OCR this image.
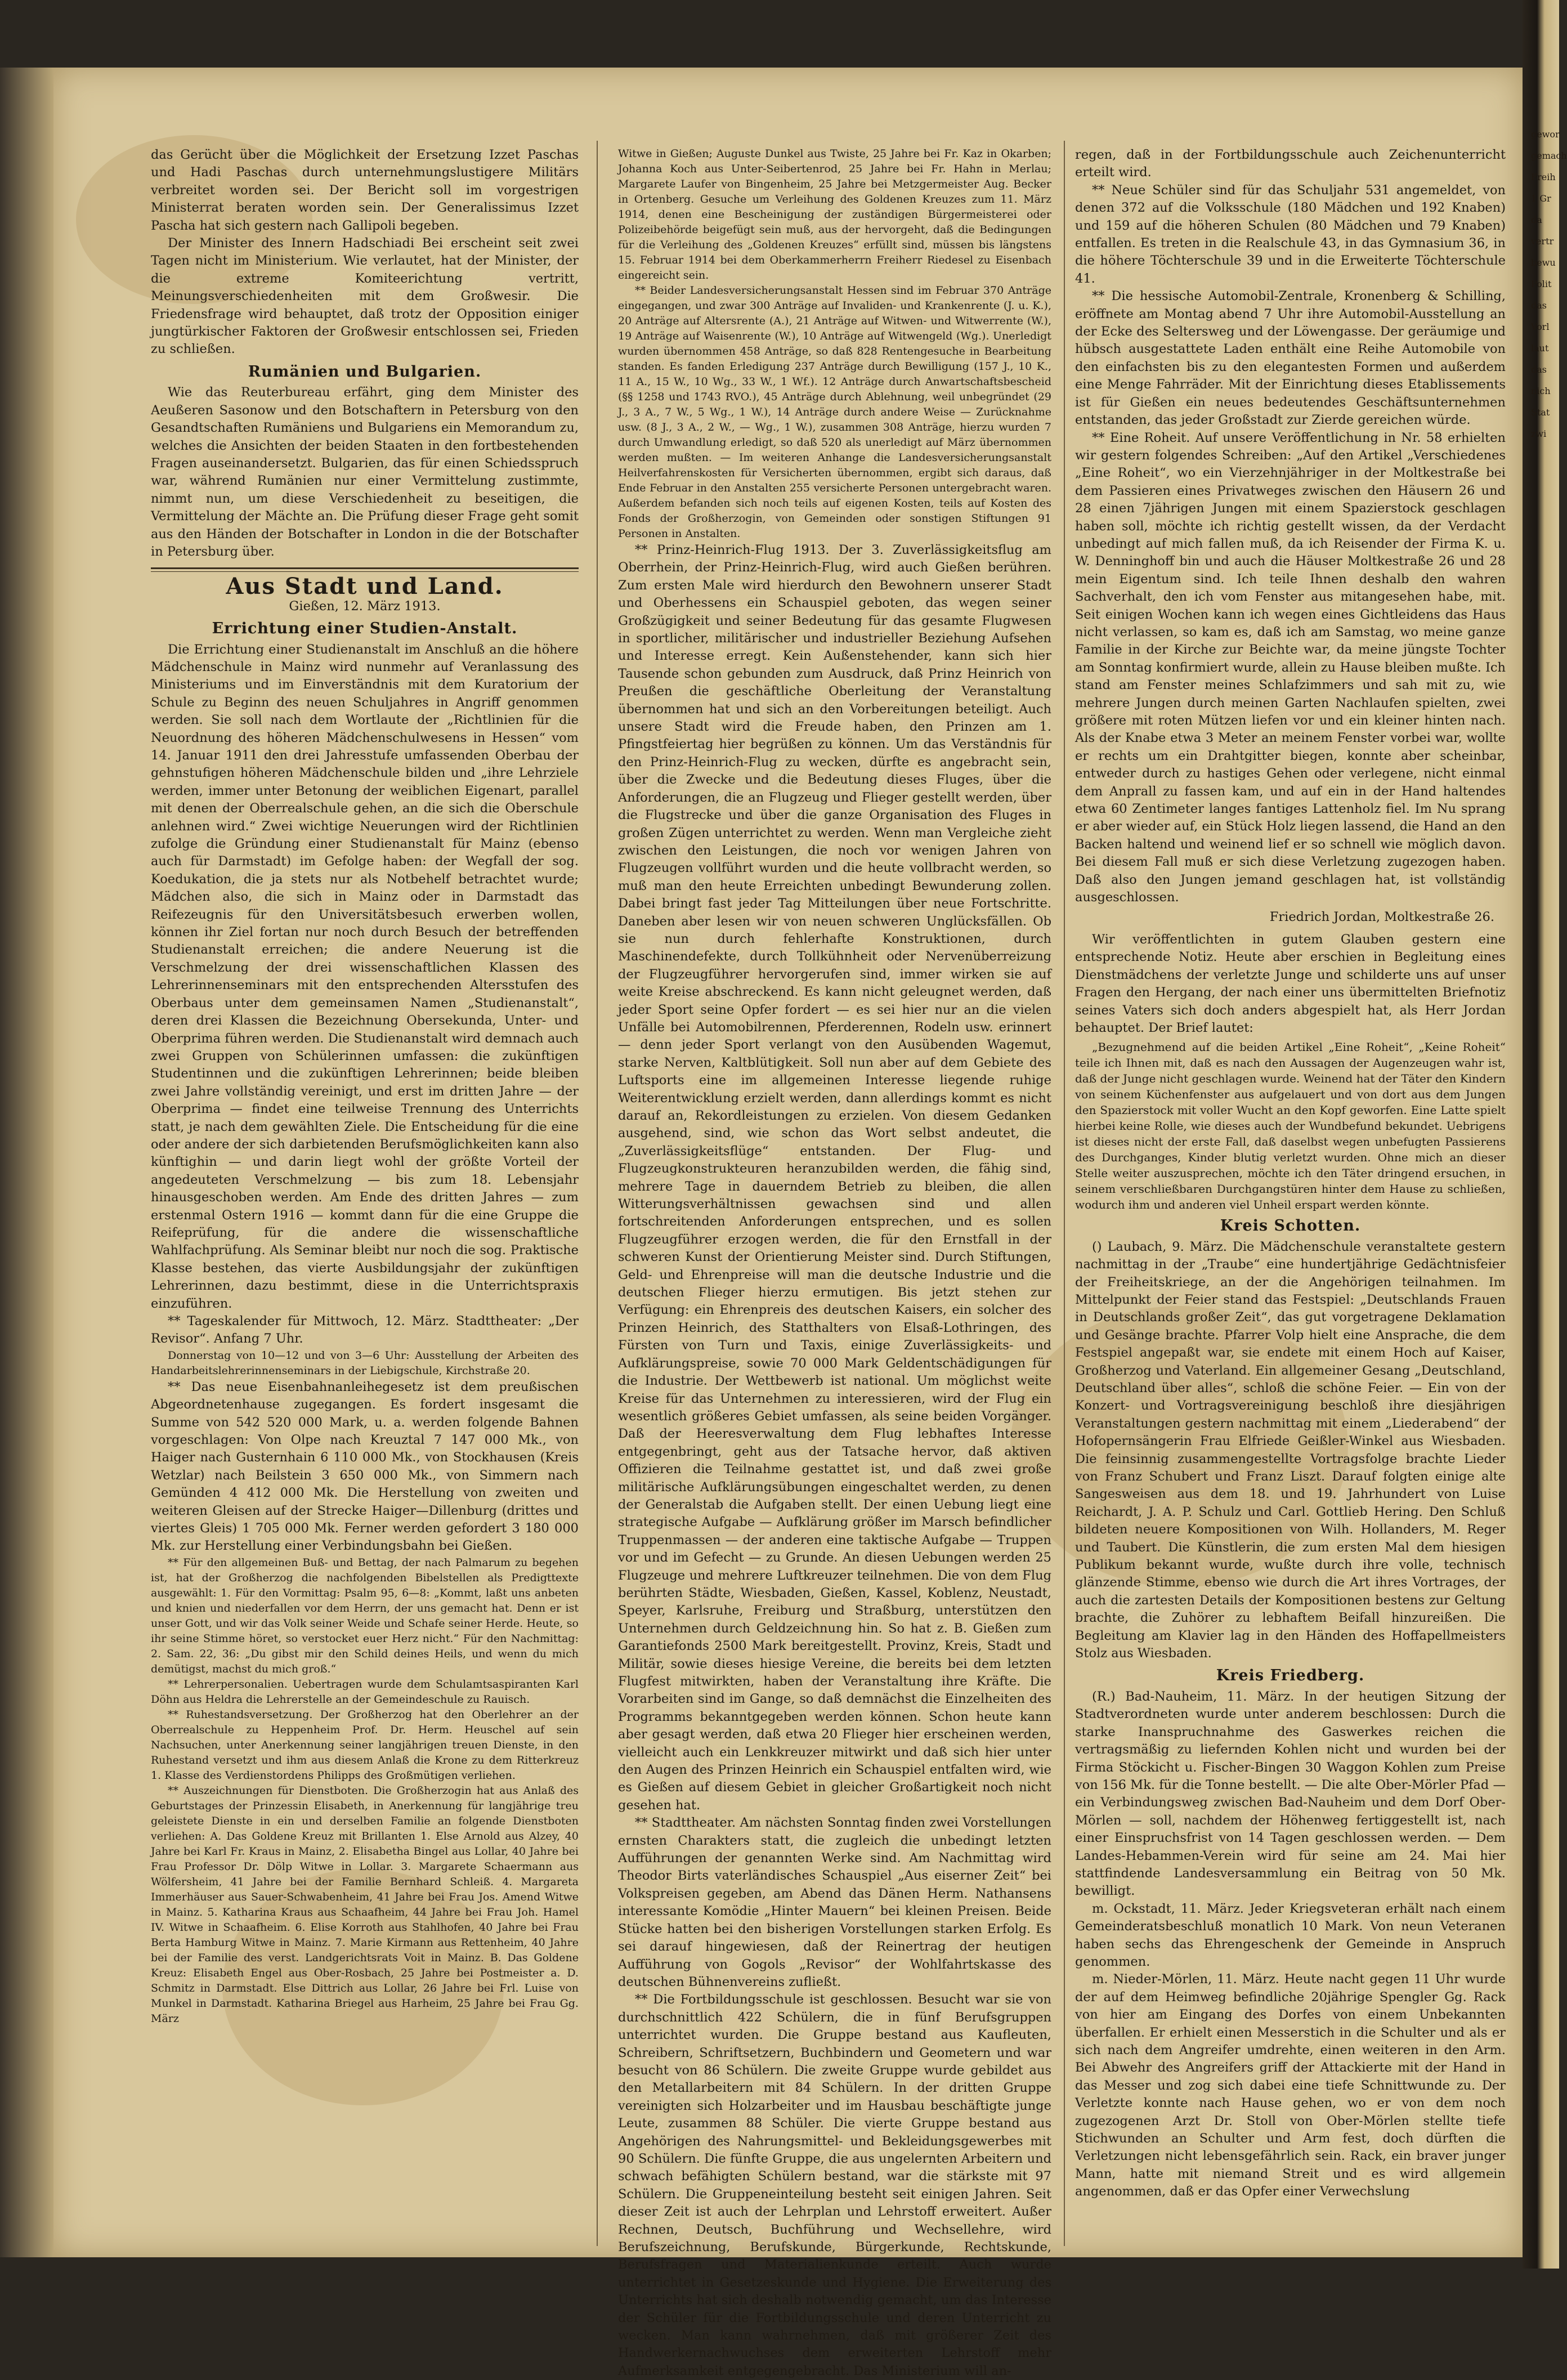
gewor
gemach
Freih
1 Gr
da
vertr
bewu
Polit
das
Vorl
laut
das
nich
Stat
zwi

das Gerücht über die Möglichkeit der Ersetzung Izzet Paschas und Hadi Paschas durch unternehmungslustigere Militärs verbreitet worden sei. Der Bericht soll im vorgestrigen Ministerrat beraten worden sein. Der Generalissimus Izzet Pascha hat sich gestern nach Gallipoli begeben.

Der Minister des Innern Hadschiadi Bei erscheint seit zwei Tagen nicht im Ministerium. Wie verlautet, hat der Minister, der die extreme Komiteerichtung vertritt, Meinungsverschiedenheiten mit dem Großwesir. Die Friedensfrage wird behauptet, daß trotz der Opposition einiger jungtürkischer Faktoren der Großwesir entschlossen sei, Frieden zu schließen.

Rumänien und Bulgarien.

Wie das Reuterbureau erfährt, ging dem Minister des Aeußeren Sasonow und den Botschaftern in Petersburg von den Gesandtschaften Rumäniens und Bulgariens ein Memorandum zu, welches die Ansichten der beiden Staaten in den fortbestehenden Fragen auseinandersetzt. Bulgarien, das für einen Schiedsspruch war, während Rumänien nur einer Vermittelung zustimmte, nimmt nun, um diese Verschiedenheit zu beseitigen, die Vermittelung der Mächte an. Die Prüfung dieser Frage geht somit aus den Händen der Botschafter in London in die der Botschafter in Petersburg über.

Aus Stadt und Land.
Gießen, 12. März 1913.
Errichtung einer Studien-Anstalt.

Die Errichtung einer Studienanstalt im Anschluß an die höhere Mädchenschule in Mainz wird nunmehr auf Veranlassung des Ministeriums und im Einverständnis mit dem Kuratorium der Schule zu Beginn des neuen Schuljahres in Angriff genommen werden. Sie soll nach dem Wortlaute der „Richtlinien für die Neuordnung des höheren Mädchenschulwesens in Hessen“ vom 14. Januar 1911 den drei Jahresstufe umfassenden Oberbau der gehnstufigen höheren Mädchenschule bilden und „ihre Lehrziele werden, immer unter Betonung der weiblichen Eigenart, parallel mit denen der Oberrealschule gehen, an die sich die Oberschule anlehnen wird.“ Zwei wichtige Neuerungen wird der Richtlinien zufolge die Gründung einer Studienanstalt für Mainz (ebenso auch für Darmstadt) im Gefolge haben: der Wegfall der sog. Koedukation, die ja stets nur als Notbehelf betrachtet wurde; Mädchen also, die sich in Mainz oder in Darmstadt das Reifezeugnis für den Universitätsbesuch erwerben wollen, können ihr Ziel fortan nur noch durch Besuch der betreffenden Studienanstalt erreichen; die andere Neuerung ist die Verschmelzung der drei wissenschaftlichen Klassen des Lehrerinnenseminars mit den entsprechenden Altersstufen des Oberbaus unter dem gemeinsamen Namen „Studienanstalt“, deren drei Klassen die Bezeichnung Obersekunda, Unter- und Oberprima führen werden. Die Studienanstalt wird demnach auch zwei Gruppen von Schülerinnen umfassen: die zukünftigen Studentinnen und die zukünftigen Lehrerinnen; beide bleiben zwei Jahre vollständig vereinigt, und erst im dritten Jahre — der Oberprima — findet eine teilweise Trennung des Unterrichts statt, je nach dem gewählten Ziele. Die Entscheidung für die eine oder andere der sich darbietenden Berufsmöglichkeiten kann also künftighin — und darin liegt wohl der größte Vorteil der angedeuteten Verschmelzung — bis zum 18. Lebensjahr hinausgeschoben werden. Am Ende des dritten Jahres — zum erstenmal Ostern 1916 — kommt dann für die eine Gruppe die Reifeprüfung, für die andere die wissenschaftliche Wahlfachprüfung. Als Seminar bleibt nur noch die sog. Praktische Klasse bestehen, das vierte Ausbildungsjahr der zukünftigen Lehrerinnen, dazu bestimmt, diese in die Unterrichtspraxis einzuführen.

** Tageskalender für Mittwoch, 12. März. Stadttheater: „Der Revisor“. Anfang 7 Uhr.

Donnerstag von 10—12 und von 3—6 Uhr: Ausstellung der Arbeiten des Handarbeitslehrerinnenseminars in der Liebigschule, Kirchstraße 20.

** Das neue Eisenbahnanleihegesetz ist dem preußischen Abgeordnetenhause zugegangen. Es fordert insgesamt die Summe von 542 520 000 Mark, u. a. werden folgende Bahnen vorgeschlagen: Von Olpe nach Kreuztal 7 147 000 Mk., von Haiger nach Gusternhain 6 110 000 Mk., von Stockhausen (Kreis Wetzlar) nach Beilstein 3 650 000 Mk., von Simmern nach Gemünden 4 412 000 Mk. Die Herstellung von zweiten und weiteren Gleisen auf der Strecke Haiger—Dillenburg (drittes und viertes Gleis) 1 705 000 Mk. Ferner werden gefordert 3 180 000 Mk. zur Herstellung einer Verbindungsbahn bei Gießen.

** Für den allgemeinen Buß- und Bettag, der nach Palmarum zu begehen ist, hat der Großherzog die nachfolgenden Bibelstellen als Predigttexte ausgewählt: 1. Für den Vormittag: Psalm 95, 6—8: „Kommt, laßt uns anbeten und knien und niederfallen vor dem Herrn, der uns gemacht hat. Denn er ist unser Gott, und wir das Volk seiner Weide und Schafe seiner Herde. Heute, so ihr seine Stimme höret, so verstocket euer Herz nicht.“ Für den Nachmittag: 2. Sam. 22, 36: „Du gibst mir den Schild deines Heils, und wenn du mich demütigst, machst du mich groß.“

** Lehrerpersonalien. Uebertragen wurde dem Schulamtsaspiranten Karl Döhn aus Heldra die Lehrerstelle an der Gemeindeschule zu Rauisch.

** Ruhestandsversetzung. Der Großherzog hat den Oberlehrer an der Oberrealschule zu Heppenheim Prof. Dr. Herm. Heuschel auf sein Nachsuchen, unter Anerkennung seiner langjährigen treuen Dienste, in den Ruhestand versetzt und ihm aus diesem Anlaß die Krone zu dem Ritterkreuz 1. Klasse des Verdienstordens Philipps des Großmütigen verliehen.

** Auszeichnungen für Dienstboten. Die Großherzogin hat aus Anlaß des Geburtstages der Prinzessin Elisabeth, in Anerkennung für langjährige treu geleistete Dienste in ein und derselben Familie an folgende Dienstboten verliehen: A. Das Goldene Kreuz mit Brillanten 1. Else Arnold aus Alzey, 40 Jahre bei Karl Fr. Kraus in Mainz, 2. Elisabetha Bingel aus Lollar, 40 Jahre bei Frau Professor Dr. Dölp Witwe in Lollar. 3. Margarete Schaermann aus Wölfersheim, 41 Jahre bei der Familie Bernhard Schleiß. 4. Margareta Immerhäuser aus Sauer-Schwabenheim, 41 Jahre bei Frau Jos. Amend Witwe in Mainz. 5. Katharina Kraus aus Schaafheim, 44 Jahre bei Frau Joh. Hamel IV. Witwe in Schaafheim. 6. Elise Korroth aus Stahlhofen, 40 Jahre bei Frau Berta Hamburg Witwe in Mainz. 7. Marie Kirmann aus Rettenheim, 40 Jahre bei der Familie des verst. Landgerichtsrats Voit in Mainz. B. Das Goldene Kreuz: Elisabeth Engel aus Ober-Rosbach, 25 Jahre bei Postmeister a. D. Schmitz in Darmstadt. Else Dittrich aus Lollar, 26 Jahre bei Frl. Luise von Munkel in Darmstadt. Katharina Briegel aus Harheim, 25 Jahre bei Frau Gg. März

Witwe in Gießen; Auguste Dunkel aus Twiste, 25 Jahre bei Fr. Kaz in Okarben; Johanna Koch aus Unter-Seibertenrod, 25 Jahre bei Fr. Hahn in Merlau; Margarete Laufer von Bingenheim, 25 Jahre bei Metzgermeister Aug. Becker in Ortenberg. Gesuche um Verleihung des Goldenen Kreuzes zum 11. März 1914, denen eine Bescheinigung der zuständigen Bürgermeisterei oder Polizeibehörde beigefügt sein muß, aus der hervorgeht, daß die Bedingungen für die Verleihung des „Goldenen Kreuzes“ erfüllt sind, müssen bis längstens 15. Februar 1914 bei dem Oberkammerherrn Freiherr Riedesel zu Eisenbach eingereicht sein.

** Beider Landesversicherungsanstalt Hessen sind im Februar 370 Anträge eingegangen, und zwar 300 Anträge auf Invaliden- und Krankenrente (J. u. K.), 20 Anträge auf Altersrente (A.), 21 Anträge auf Witwen- und Witwerrente (W.), 19 Anträge auf Waisenrente (W.), 10 Anträge auf Witwengeld (Wg.). Unerledigt wurden übernommen 458 Anträge, so daß 828 Rentengesuche in Bearbeitung standen. Es fanden Erledigung 237 Anträge durch Bewilligung (157 J., 10 K., 11 A., 15 W., 10 Wg., 33 W., 1 Wf.). 12 Anträge durch Anwartschaftsbescheid (§§ 1258 und 1743 RVO.), 45 Anträge durch Ablehnung, weil unbegründet (29 J., 3 A., 7 W., 5 Wg., 1 W.), 14 Anträge durch andere Weise — Zurücknahme usw. (8 J., 3 A., 2 W., — Wg., 1 W.), zusammen 308 Anträge, hierzu wurden 7 durch Umwandlung erledigt, so daß 520 als unerledigt auf März übernommen werden mußten. — Im weiteren Anhange die Landesversicherungsanstalt Heilverfahrenskosten für Versicherten übernommen, ergibt sich daraus, daß Ende Februar in den Anstalten 255 versicherte Personen untergebracht waren. Außerdem befanden sich noch teils auf eigenen Kosten, teils auf Kosten des Fonds der Großherzogin, von Gemeinden oder sonstigen Stiftungen 91 Personen in Anstalten.

** Prinz-Heinrich-Flug 1913. Der 3. Zuverlässigkeitsflug am Oberrhein, der Prinz-Heinrich-Flug, wird auch Gießen berühren. Zum ersten Male wird hierdurch den Bewohnern unserer Stadt und Oberhessens ein Schauspiel geboten, das wegen seiner Großzügigkeit und seiner Bedeutung für das gesamte Flugwesen in sportlicher, militärischer und industrieller Beziehung Aufsehen und Interesse erregt. Kein Außenstehender, kann sich hier Tausende schon gebunden zum Ausdruck, daß Prinz Heinrich von Preußen die geschäftliche Oberleitung der Veranstaltung übernommen hat und sich an den Vorbereitungen beteiligt. Auch unsere Stadt wird die Freude haben, den Prinzen am 1. Pfingstfeiertag hier begrüßen zu können. Um das Verständnis für den Prinz-Heinrich-Flug zu wecken, dürfte es angebracht sein, über die Zwecke und die Bedeutung dieses Fluges, über die Anforderungen, die an Flugzeug und Flieger gestellt werden, über die Flugstrecke und über die ganze Organisation des Fluges in großen Zügen unterrichtet zu werden. Wenn man Vergleiche zieht zwischen den Leistungen, die noch vor wenigen Jahren von Flugzeugen vollführt wurden und die heute vollbracht werden, so muß man den heute Erreichten unbedingt Bewunderung zollen. Dabei bringt fast jeder Tag Mitteilungen über neue Fortschritte. Daneben aber lesen wir von neuen schweren Unglücksfällen. Ob sie nun durch fehlerhafte Konstruktionen, durch Maschinendefekte, durch Tollkühnheit oder Nervenüberreizung der Flugzeugführer hervorgerufen sind, immer wirken sie auf weite Kreise abschreckend. Es kann nicht geleugnet werden, daß jeder Sport seine Opfer fordert — es sei hier nur an die vielen Unfälle bei Automobilrennen, Pferderennen, Rodeln usw. erinnert — denn jeder Sport verlangt von den Ausübenden Wagemut, starke Nerven, Kaltblütigkeit. Soll nun aber auf dem Gebiete des Luftsports eine im allgemeinen Interesse liegende ruhige Weiterentwicklung erzielt werden, dann allerdings kommt es nicht darauf an, Rekordleistungen zu erzielen. Von diesem Gedanken ausgehend, sind, wie schon das Wort selbst andeutet, die „Zuverlässigkeitsflüge“ entstanden. Der Flug- und Flugzeugkonstrukteuren heranzubilden werden, die fähig sind, mehrere Tage in dauerndem Betrieb zu bleiben, die allen Witterungsverhältnissen gewachsen sind und allen fortschreitenden Anforderungen entsprechen, und es sollen Flugzeugführer erzogen werden, die für den Ernstfall in der schweren Kunst der Orientierung Meister sind. Durch Stiftungen, Geld- und Ehrenpreise will man die deutsche Industrie und die deutschen Flieger hierzu ermutigen. Bis jetzt stehen zur Verfügung: ein Ehrenpreis des deutschen Kaisers, ein solcher des Prinzen Heinrich, des Statthalters von Elsaß-Lothringen, des Fürsten von Turn und Taxis, einige Zuverlässigkeits- und Aufklärungspreise, sowie 70 000 Mark Geldentschädigungen für die Industrie. Der Wettbewerb ist national. Um möglichst weite Kreise für das Unternehmen zu interessieren, wird der Flug ein wesentlich größeres Gebiet umfassen, als seine beiden Vorgänger. Daß der Heeresverwaltung dem Flug lebhaftes Interesse entgegenbringt, geht aus der Tatsache hervor, daß aktiven Offizieren die Teilnahme gestattet ist, und daß zwei große militärische Aufklärungsübungen eingeschaltet werden, zu denen der Generalstab die Aufgaben stellt. Der einen Uebung liegt eine strategische Aufgabe — Aufklärung größer im Marsch befindlicher Truppenmassen — der anderen eine taktische Aufgabe — Truppen vor und im Gefecht — zu Grunde. An diesen Uebungen werden 25 Flugzeuge und mehrere Luftkreuzer teilnehmen. Die von dem Flug berührten Städte, Wiesbaden, Gießen, Kassel, Koblenz, Neustadt, Speyer, Karlsruhe, Freiburg und Straßburg, unterstützen den Unternehmen durch Geldzeichnung hin. So hat z. B. Gießen zum Garantiefonds 2500 Mark bereitgestellt. Provinz, Kreis, Stadt und Militär, sowie dieses hiesige Vereine, die bereits bei dem letzten Flugfest mitwirkten, haben der Veranstaltung ihre Kräfte. Die Vorarbeiten sind im Gange, so daß demnächst die Einzelheiten des Programms bekanntgegeben werden können. Schon heute kann aber gesagt werden, daß etwa 20 Flieger hier erscheinen werden, vielleicht auch ein Lenkkreuzer mitwirkt und daß sich hier unter den Augen des Prinzen Heinrich ein Schauspiel entfalten wird, wie es Gießen auf diesem Gebiet in gleicher Großartigkeit noch nicht gesehen hat.

** Stadttheater. Am nächsten Sonntag finden zwei Vorstellungen ernsten Charakters statt, die zugleich die unbedingt letzten Aufführungen der genannten Werke sind. Am Nachmittag wird Theodor Birts vaterländisches Schauspiel „Aus eiserner Zeit“ bei Volkspreisen gegeben, am Abend das Dänen Herm. Nathansens interessante Komödie „Hinter Mauern“ bei kleinen Preisen. Beide Stücke hatten bei den bisherigen Vorstellungen starken Erfolg. Es sei darauf hingewiesen, daß der Reinertrag der heutigen Aufführung von Gogols „Revisor“ der Wohlfahrtskasse des deutschen Bühnenvereins zufließt.

** Die Fortbildungsschule ist geschlossen. Besucht war sie von durchschnittlich 422 Schülern, die in fünf Berufsgruppen unterrichtet wurden. Die Gruppe bestand aus Kaufleuten, Schreibern, Schriftsetzern, Buchbindern und Geometern und war besucht von 86 Schülern. Die zweite Gruppe wurde gebildet aus den Metallarbeitern mit 84 Schülern. In der dritten Gruppe vereinigten sich Holzarbeiter und im Hausbau beschäftigte junge Leute, zusammen 88 Schüler. Die vierte Gruppe bestand aus Angehörigen des Nahrungsmittel- und Bekleidungsgewerbes mit 90 Schülern. Die fünfte Gruppe, die aus ungelernten Arbeitern und schwach befähigten Schülern bestand, war die stärkste mit 97 Schülern. Die Gruppeneinteilung besteht seit einigen Jahren. Seit dieser Zeit ist auch der Lehrplan und Lehrstoff erweitert. Außer Rechnen, Deutsch, Buchführung und Wechsellehre, wird Berufszeichnung, Berufskunde, Bürgerkunde, Rechtskunde, Berufsfragen und Materialienkunde erteilt. Auch wurde unterrichtet in Gesetzeskunde und Hygiene. Die Erweiterung des Unterrichts hat sich deshalb notwendig gemacht, um das Interesse der Schüler für die Fortbildungsschule und deren Unterricht zu wecken. Man kann wahrnehmen, daß mit größerer Zeit des Handwerkernachwuchses dem erweiterten Lehrstoff mehr Aufmerksamkeit entgegengebracht. Das Ministerium will an-

regen, daß in der Fortbildungsschule auch Zeichenunterricht erteilt wird.

** Neue Schüler sind für das Schuljahr 531 angemeldet, von denen 372 auf die Volksschule (180 Mädchen und 192 Knaben) und 159 auf die höheren Schulen (80 Mädchen und 79 Knaben) entfallen. Es treten in die Realschule 43, in das Gymnasium 36, in die höhere Töchterschule 39 und in die Erweiterte Töchterschule 41.

** Die hessische Automobil-Zentrale, Kronenberg & Schilling, eröffnete am Montag abend 7 Uhr ihre Automobil-Ausstellung an der Ecke des Seltersweg und der Löwengasse. Der geräumige und hübsch ausgestattete Laden enthält eine Reihe Automobile von den einfachsten bis zu den elegantesten Formen und außerdem eine Menge Fahrräder. Mit der Einrichtung dieses Etablissements ist für Gießen ein neues bedeutendes Geschäftsunternehmen entstanden, das jeder Großstadt zur Zierde gereichen würde.

** Eine Roheit. Auf unsere Veröffentlichung in Nr. 58 erhielten wir gestern folgendes Schreiben: „Auf den Artikel „Verschiedenes „Eine Roheit“, wo ein Vierzehnjähriger in der Moltkestraße bei dem Passieren eines Privatweges zwischen den Häusern 26 und 28 einen 7jährigen Jungen mit einem Spazierstock geschlagen haben soll, möchte ich richtig gestellt wissen, da der Verdacht unbedingt auf mich fallen muß, da ich Reisender der Firma K. u. W. Denninghoff bin und auch die Häuser Moltkestraße 26 und 28 mein Eigentum sind. Ich teile Ihnen deshalb den wahren Sachverhalt, den ich vom Fenster aus mitangesehen habe, mit. Seit einigen Wochen kann ich wegen eines Gichtleidens das Haus nicht verlassen, so kam es, daß ich am Samstag, wo meine ganze Familie in der Kirche zur Beichte war, da meine jüngste Tochter am Sonntag konfirmiert wurde, allein zu Hause bleiben mußte. Ich stand am Fenster meines Schlafzimmers und sah mit zu, wie mehrere Jungen durch meinen Garten Nachlaufen spielten, zwei größere mit roten Mützen liefen vor und ein kleiner hinten nach. Als der Knabe etwa 3 Meter an meinem Fenster vorbei war, wollte er rechts um ein Drahtgitter biegen, konnte aber scheinbar, entweder durch zu hastiges Gehen oder verlegene, nicht einmal dem Anprall zu fassen kam, und auf ein in der Hand haltendes etwa 60 Zentimeter langes fantiges Lattenholz fiel. Im Nu sprang er aber wieder auf, ein Stück Holz liegen lassend, die Hand an den Backen haltend und weinend lief er so schnell wie möglich davon. Bei diesem Fall muß er sich diese Verletzung zugezogen haben. Daß also den Jungen jemand geschlagen hat, ist vollständig ausgeschlossen.

Friedrich Jordan, Moltkestraße 26.

Wir veröffentlichten in gutem Glauben gestern eine entsprechende Notiz. Heute aber erschien in Begleitung eines Dienstmädchens der verletzte Junge und schilderte uns auf unser Fragen den Hergang, der nach einer uns übermittelten Briefnotiz seines Vaters sich doch anders abgespielt hat, als Herr Jordan behauptet. Der Brief lautet:

„Bezugnehmend auf die beiden Artikel „Eine Roheit“, „Keine Roheit“ teile ich Ihnen mit, daß es nach den Aussagen der Augenzeugen wahr ist, daß der Junge nicht geschlagen wurde. Weinend hat der Täter den Kindern von seinem Küchenfenster aus aufgelauert und von dort aus dem Jungen den Spazierstock mit voller Wucht an den Kopf geworfen. Eine Latte spielt hierbei keine Rolle, wie dieses auch der Wundbefund bekundet. Uebrigens ist dieses nicht der erste Fall, daß daselbst wegen unbefugten Passierens des Durchganges, Kinder blutig verletzt wurden. Ohne mich an dieser Stelle weiter auszusprechen, möchte ich den Täter dringend ersuchen, in seinem verschließbaren Durchgangstüren hinter dem Hause zu schließen, wodurch ihm und anderen viel Unheil erspart werden könnte.

Kreis Schotten.

() Laubach, 9. März. Die Mädchenschule veranstaltete gestern nachmittag in der „Traube“ eine hundertjährige Gedächtnisfeier der Freiheitskriege, an der die Angehörigen teilnahmen. Im Mittelpunkt der Feier stand das Festspiel: „Deutschlands Frauen in Deutschlands großer Zeit“, das gut vorgetragene Deklamation und Gesänge brachte. Pfarrer Volp hielt eine Ansprache, die dem Festspiel angepaßt war, sie endete mit einem Hoch auf Kaiser, Großherzog und Vaterland. Ein allgemeiner Gesang „Deutschland, Deutschland über alles“, schloß die schöne Feier. — Ein von der Konzert- und Vortragsvereinigung beschloß ihre diesjährigen Veranstaltungen gestern nachmittag mit einem „Liederabend“ der Hofopernsängerin Frau Elfriede Geißler-Winkel aus Wiesbaden. Die feinsinnig zusammengestellte Vortragsfolge brachte Lieder von Franz Schubert und Franz Liszt. Darauf folgten einige alte Sangesweisen aus dem 18. und 19. Jahrhundert von Luise Reichardt, J. A. P. Schulz und Carl. Gottlieb Hering. Den Schluß bildeten neuere Kompositionen von Wilh. Hollanders, M. Reger und Taubert. Die Künstlerin, die zum ersten Mal dem hiesigen Publikum bekannt wurde, wußte durch ihre volle, technisch glänzende Stimme, ebenso wie durch die Art ihres Vortrages, der auch die zartesten Details der Kompositionen bestens zur Geltung brachte, die Zuhörer zu lebhaftem Beifall hinzureißen. Die Begleitung am Klavier lag in den Händen des Hoffapellmeisters Stolz aus Wiesbaden.

Kreis Friedberg.

(R.) Bad-Nauheim, 11. März. In der heutigen Sitzung der Stadtverordneten wurde unter anderem beschlossen: Durch die starke Inanspruchnahme des Gaswerkes reichen die vertragsmäßig zu liefernden Kohlen nicht und wurden bei der Firma Stöckicht u. Fischer-Bingen 30 Waggon Kohlen zum Preise von 156 Mk. für die Tonne bestellt. — Die alte Ober-Mörler Pfad — ein Verbindungsweg zwischen Bad-Nauheim und dem Dorf Ober-Mörlen — soll, nachdem der Höhenweg fertiggestellt ist, nach einer Einspruchsfrist von 14 Tagen geschlossen werden. — Dem Landes-Hebammen-Verein wird für seine am 24. Mai hier stattfindende Landesversammlung ein Beitrag von 50 Mk. bewilligt.

m. Ockstadt, 11. März. Jeder Kriegsveteran erhält nach einem Gemeinderatsbeschluß monatlich 10 Mark. Von neun Veteranen haben sechs das Ehrengeschenk der Gemeinde in Anspruch genommen.

m. Nieder-Mörlen, 11. März. Heute nacht gegen 11 Uhr wurde der auf dem Heimweg befindliche 20jährige Spengler Gg. Rack von hier am Eingang des Dorfes von einem Unbekannten überfallen. Er erhielt einen Messerstich in die Schulter und als er sich nach dem Angreifer umdrehte, einen weiteren in den Arm. Bei Abwehr des Angreifers griff der Attackierte mit der Hand in das Messer und zog sich dabei eine tiefe Schnittwunde zu. Der Verletzte konnte nach Hause gehen, wo er von dem noch zugezogenen Arzt Dr. Stoll von Ober-Mörlen stellte tiefe Stichwunden an Schulter und Arm fest, doch dürften die Verletzungen nicht lebensgefährlich sein. Rack, ein braver junger Mann, hatte mit niemand Streit und es wird allgemein angenommen, daß er das Opfer einer Verwechslung
